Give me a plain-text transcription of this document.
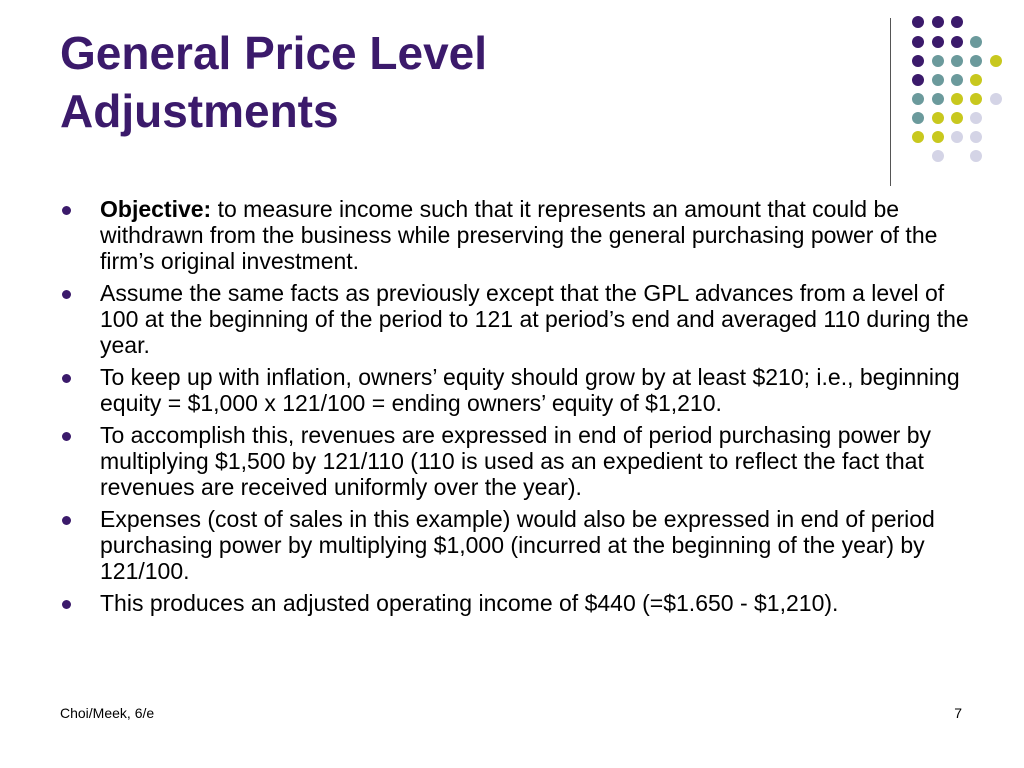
General Price Level
Adjustments
Objective: to measure income such that it represents an amount that could be withdrawn from the business while preserving the general purchasing power of the firm’s original investment.
Assume the same facts as previously except that the GPL advances from a level of 100 at the beginning of the period to 121 at period’s end and averaged 110 during the year.
To keep up with inflation, owners’ equity should grow by at least $210; i.e., beginning equity = $1,000 x 121/100 = ending owners’ equity of $1,210.
To accomplish this, revenues are expressed in end of period purchasing power by multiplying $1,500 by 121/110 (110 is used as an expedient to reflect the fact that revenues are received uniformly over the year).
Expenses (cost of sales in this example) would also be expressed in end of period purchasing power by multiplying $1,000 (incurred at the beginning of the year) by 121/100.
This produces an adjusted operating income of $440 (=$1.650 - $1,210).
Choi/Meek, 6/e	7
